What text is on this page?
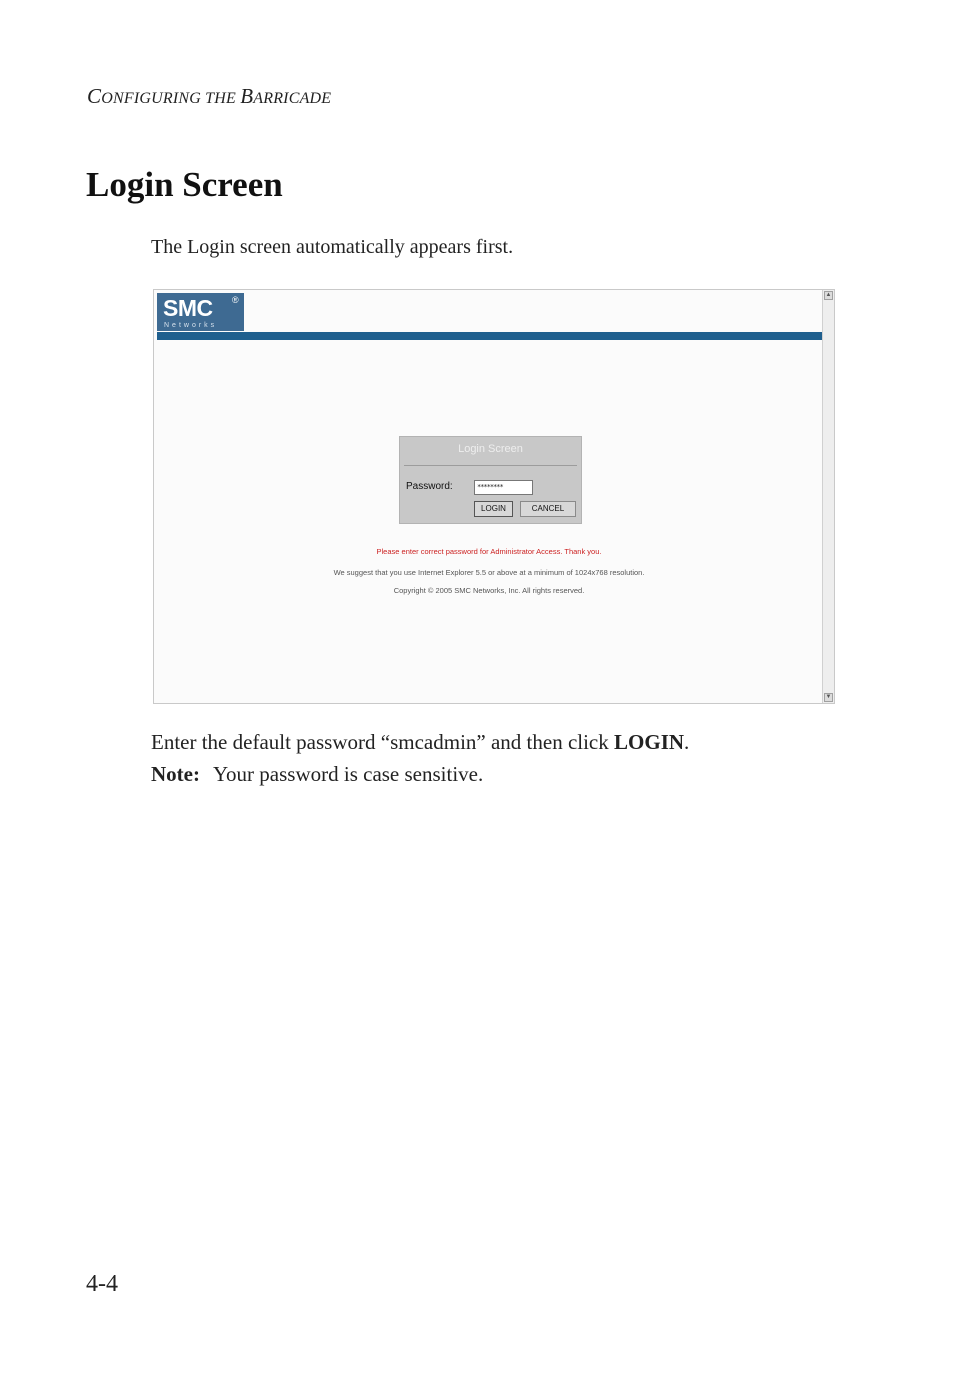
CONFIGURING THE BARRICADE
Login Screen
The Login screen automatically appears first.
SMC ®
Networks
▲
▼
Login Screen
Password:	********
LOGIN	CANCEL
Please enter correct password for Administrator Access. Thank you.
We suggest that you use Internet Explorer 5.5 or above at a minimum of 1024x768 resolution.
Copyright © 2005 SMC Networks, Inc. All rights reserved.
Enter the default password “smcadmin” and then click LOGIN.
Note: Your password is case sensitive.
4-4
